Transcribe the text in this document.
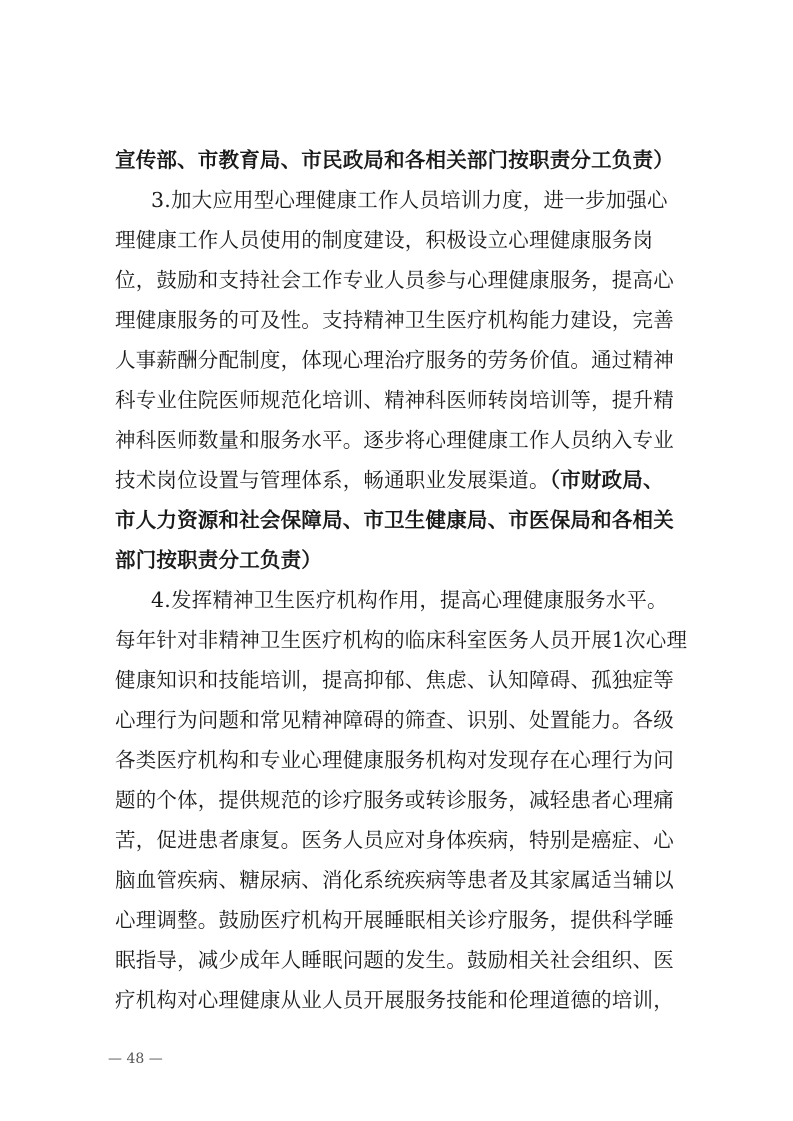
宣传部、市教育局、市民政局和各相关部门按职责分工负责）
3.加大应用型心理健康工作人员培训力度，进一步加强心
理健康工作人员使用的制度建设，积极设立心理健康服务岗
位，鼓励和支持社会工作专业人员参与心理健康服务，提高心
理健康服务的可及性。支持精神卫生医疗机构能力建设，完善
人事薪酬分配制度，体现心理治疗服务的劳务价值。通过精神
科专业住院医师规范化培训、精神科医师转岗培训等，提升精
神科医师数量和服务水平。逐步将心理健康工作人员纳入专业
技术岗位设置与管理体系，畅通职业发展渠道。（市财政局、
市人力资源和社会保障局、市卫生健康局、市医保局和各相关
部门按职责分工负责）
4.发挥精神卫生医疗机构作用，提高心理健康服务水平。
每年针对非精神卫生医疗机构的临床科室医务人员开展1次心理
健康知识和技能培训，提高抑郁、焦虑、认知障碍、孤独症等
心理行为问题和常见精神障碍的筛查、识别、处置能力。各级
各类医疗机构和专业心理健康服务机构对发现存在心理行为问
题的个体，提供规范的诊疗服务或转诊服务，减轻患者心理痛
苦，促进患者康复。医务人员应对身体疾病，特别是癌症、心
脑血管疾病、糖尿病、消化系统疾病等患者及其家属适当辅以
心理调整。鼓励医疗机构开展睡眠相关诊疗服务，提供科学睡
眠指导，减少成年人睡眠问题的发生。鼓励相关社会组织、医
疗机构对心理健康从业人员开展服务技能和伦理道德的培训，
— 48 —
